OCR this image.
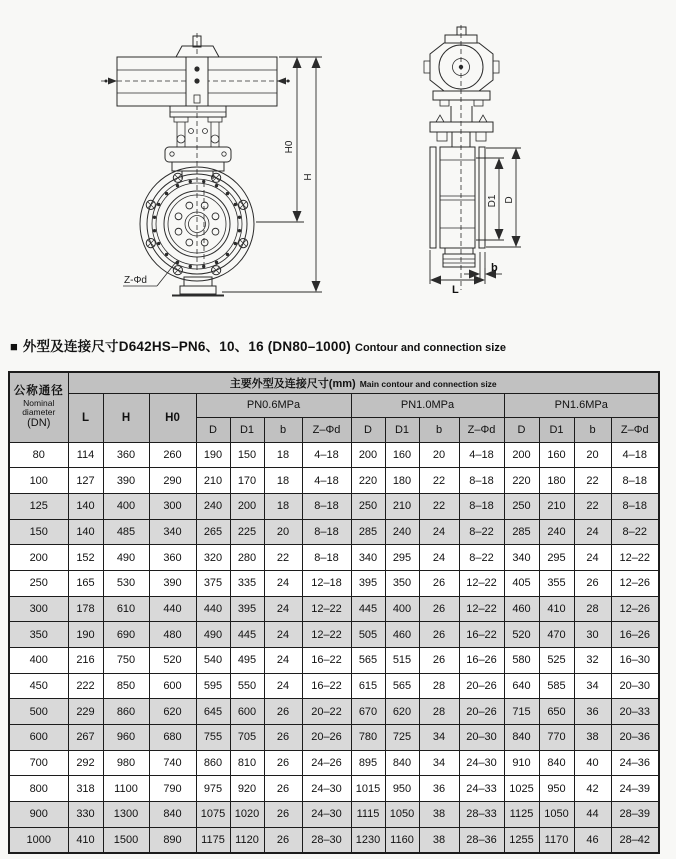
Z-Φd
H0
H
D1 D
b
L
■ 外型及连接尺寸D642HS–PN6、10、16 (DN80–1000) Contour and connection size
公称通径
Nominal
diameter
(DN)	主要外型及连接尺寸(mm) Main contour and connection size														
	L	H	H0	PN0.6MPa				PN1.0MPa				PN1.6MPa			
				D	D1	b	Z–Φd	D	D1	b	Z–Φd	D	D1	b	Z–Φd
80	114	360	260	190	150	18	4–18	200	160	20	4–18	200	160	20	4–18
100	127	390	290	210	170	18	4–18	220	180	22	8–18	220	180	22	8–18
125	140	400	300	240	200	18	8–18	250	210	22	8–18	250	210	22	8–18
150	140	485	340	265	225	20	8–18	285	240	24	8–22	285	240	24	8–22
200	152	490	360	320	280	22	8–18	340	295	24	8–22	340	295	24	12–22
250	165	530	390	375	335	24	12–18	395	350	26	12–22	405	355	26	12–26
300	178	610	440	440	395	24	12–22	445	400	26	12–22	460	410	28	12–26
350	190	690	480	490	445	24	12–22	505	460	26	16–22	520	470	30	16–26
400	216	750	520	540	495	24	16–22	565	515	26	16–26	580	525	32	16–30
450	222	850	600	595	550	24	16–22	615	565	28	20–26	640	585	34	20–30
500	229	860	620	645	600	26	20–22	670	620	28	20–26	715	650	36	20–33
600	267	960	680	755	705	26	20–26	780	725	34	20–30	840	770	38	20–36
700	292	980	740	860	810	26	24–26	895	840	34	24–30	910	840	40	24–36
800	318	1100	790	975	920	26	24–30	1015	950	36	24–33	1025	950	42	24–39
900	330	1300	840	1075	1020	26	24–30	1115	1050	38	28–33	1125	1050	44	28–39
1000	410	1500	890	1175	1120	26	28–30	1230	1160	38	28–36	1255	1170	46	28–42
